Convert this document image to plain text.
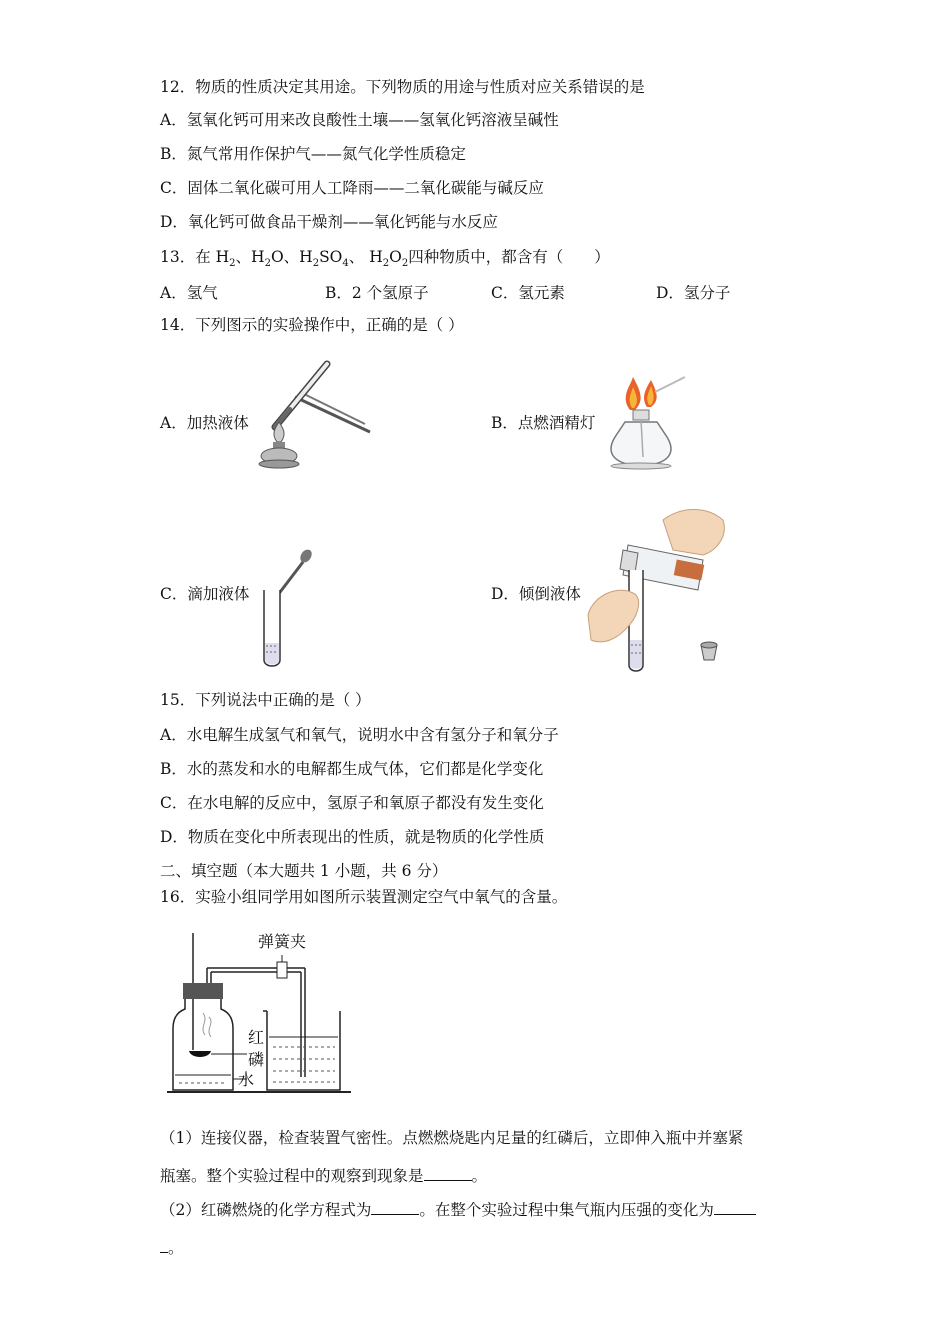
12．物质的性质决定其用途。下列物质的用途与性质对应关系错误的是
A．氢氧化钙可用来改良酸性土壤——氢氧化钙溶液呈碱性
B．氮气常用作保护气——氮气化学性质稳定
C．固体二氧化碳可用人工降雨——二氧化碳能与碱反应
D．氧化钙可做食品干燥剂——氧化钙能与水反应
13．在 $H_2$、$H_2O$、$H_2SO_4$、 $H_2O_2$四种物质中，都含有（　　）
A．氢气	B．2 个氢原子	C．氢元素	D．氢分子
14．下列图示的实验操作中，正确的是（ ）
A．加热液体	B．点燃酒精灯
C．滴加液体	D．倾倒液体
15．下列说法中正确的是（ ）
A．水电解生成氢气和氧气，说明水中含有氢分子和氧分子
B．水的蒸发和水的电解都生成气体，它们都是化学变化
C．在水电解的反应中，氢原子和氧原子都没有发生变化
D．物质在变化中所表现出的性质，就是物质的化学性质
二、填空题（本大题共 1 小题，共 6 分）
16．实验小组同学用如图所示装置测定空气中氧气的含量。
弹簧夹
红
磷
水
（1）连接仪器，检查装置气密性。点燃燃烧匙内足量的红磷后，立即伸入瓶中并塞紧
瓶塞。整个实验过程中的观察到现象是	。
（2）红磷燃烧的化学方程式为	。在整个实验过程中集气瓶内压强的变化为
。
